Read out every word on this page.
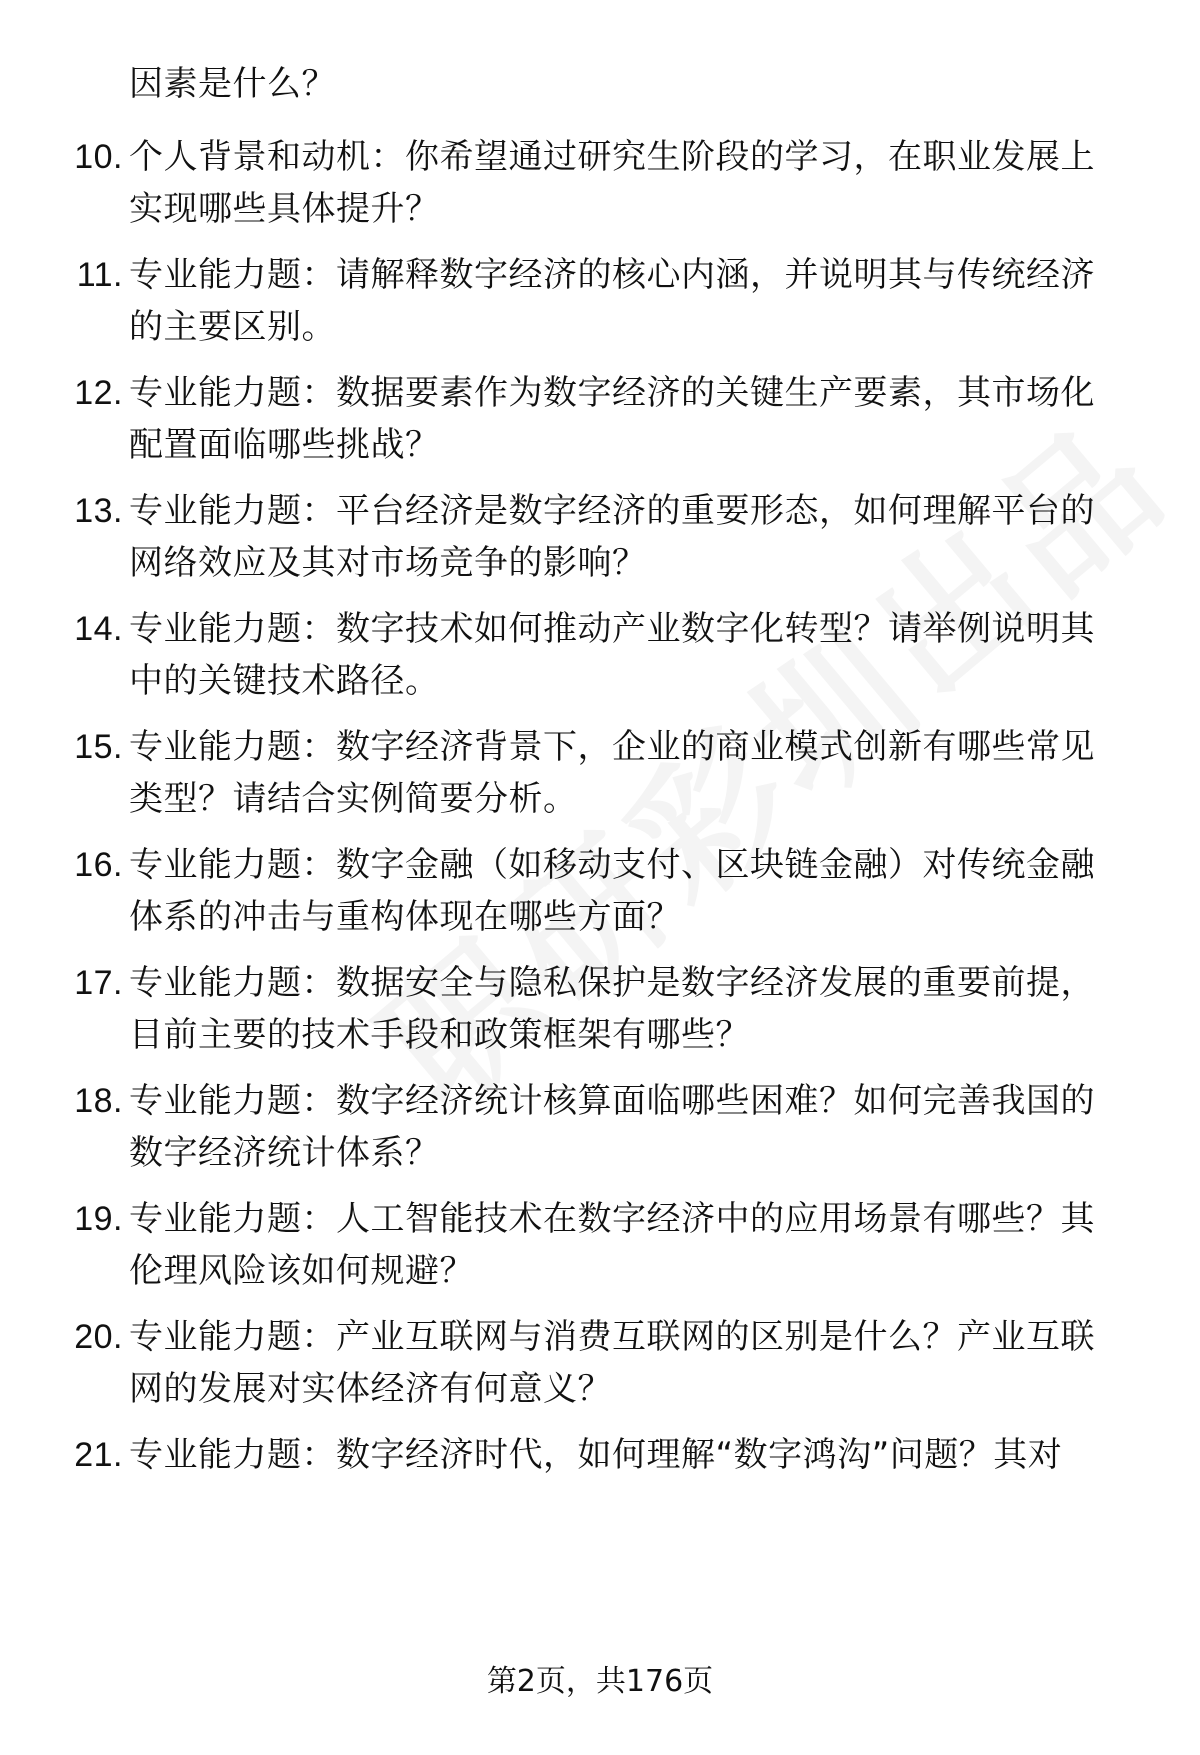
因素是什么？
10. 个人背景和动机：你希望通过研究生阶段的学习，在职业发展上
实现哪些具体提升？
11. 专业能力题：请解释数字经济的核心内涵，并说明其与传统经济
的主要区别。
12. 专业能力题：数据要素作为数字经济的关键生产要素，其市场化
配置面临哪些挑战？
13. 专业能力题：平台经济是数字经济的重要形态，如何理解平台的
网络效应及其对市场竞争的影响？
14. 专业能力题：数字技术如何推动产业数字化转型？请举例说明其
中的关键技术路径。
15. 专业能力题：数字经济背景下，企业的商业模式创新有哪些常见
类型？请结合实例简要分析。
16. 专业能力题：数字金融（如移动支付、区块链金融）对传统金融
体系的冲击与重构体现在哪些方面？
17. 专业能力题：数据安全与隐私保护是数字经济发展的重要前提，
目前主要的技术手段和政策框架有哪些？
18. 专业能力题：数字经济统计核算面临哪些困难？如何完善我国的
数字经济统计体系？
19. 专业能力题：人工智能技术在数字经济中的应用场景有哪些？其
伦理风险该如何规避？
20. 专业能力题：产业互联网与消费互联网的区别是什么？产业互联
网的发展对实体经济有何意义？
21. 专业能力题：数字经济时代，如何理解“数字鸿沟”问题？其对
第2页，共176页
